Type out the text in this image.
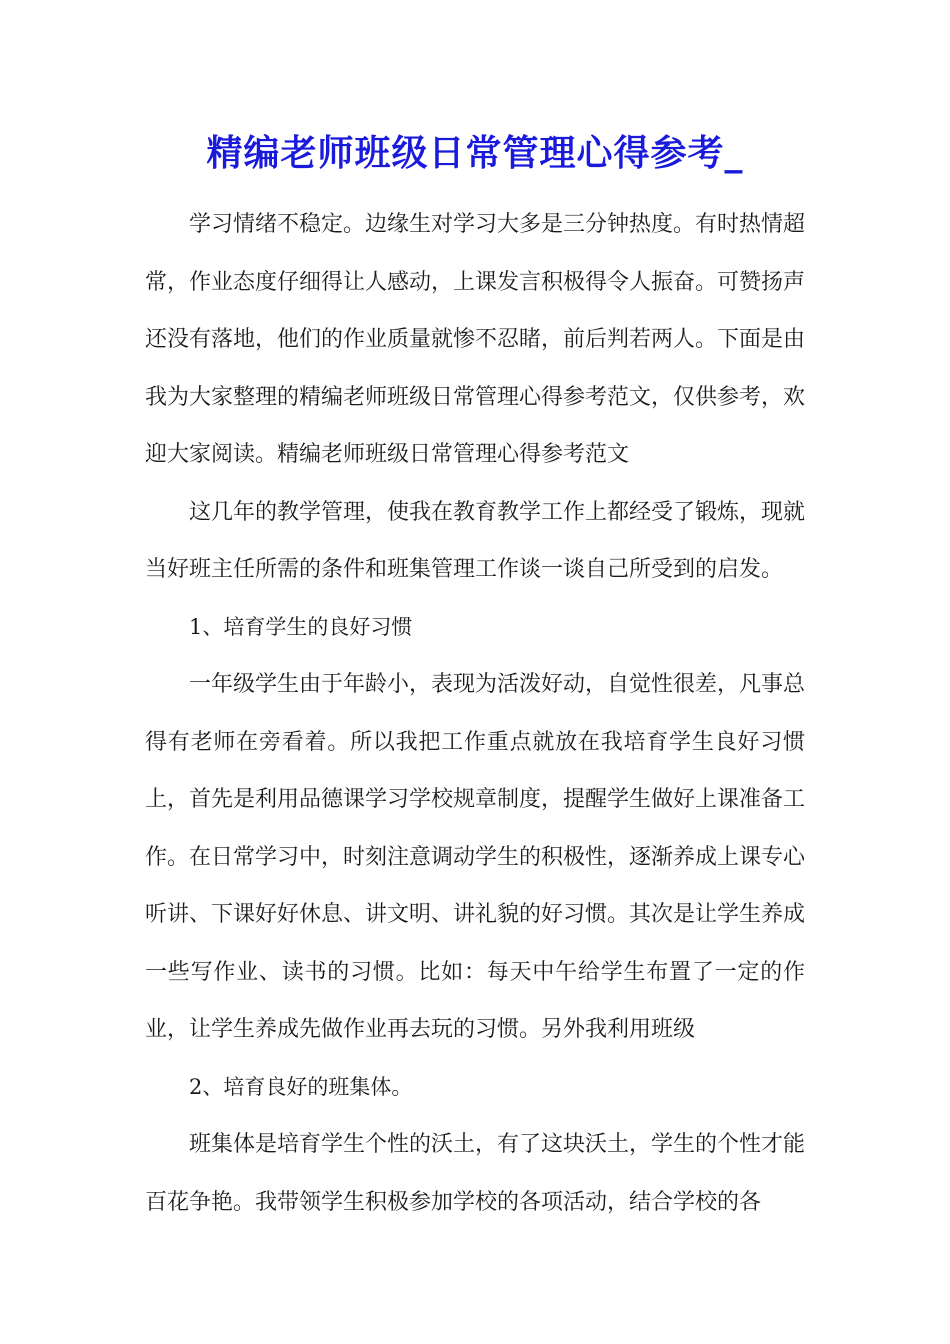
精编老师班级日常管理心得参考_

学习情绪不稳定。边缘生对学习大多是三分钟热度。有时热情超常，作业态度仔细得让人感动，上课发言积极得令人振奋。可赞扬声还没有落地，他们的作业质量就惨不忍睹，前后判若两人。下面是由我为大家整理的精编老师班级日常管理心得参考范文，仅供参考，欢迎大家阅读。精编老师班级日常管理心得参考范文

这几年的教学管理，使我在教育教学工作上都经受了锻炼，现就当好班主任所需的条件和班集管理工作谈一谈自己所受到的启发。

1、培育学生的良好习惯

一年级学生由于年龄小，表现为活泼好动，自觉性很差，凡事总得有老师在旁看着。所以我把工作重点就放在我培育学生良好习惯上，首先是利用品德课学习学校规章制度，提醒学生做好上课准备工作。在日常学习中，时刻注意调动学生的积极性，逐渐养成上课专心听讲、下课好好休息、讲文明、讲礼貌的好习惯。其次是让学生养成一些写作业、读书的习惯。比如：每天中午给学生布置了一定的作业，让学生养成先做作业再去玩的习惯。另外我利用班级

2、培育良好的班集体。

班集体是培育学生个性的沃土，有了这块沃土，学生的个性才能百花争艳。我带领学生积极参加学校的各项活动，结合学校的各
